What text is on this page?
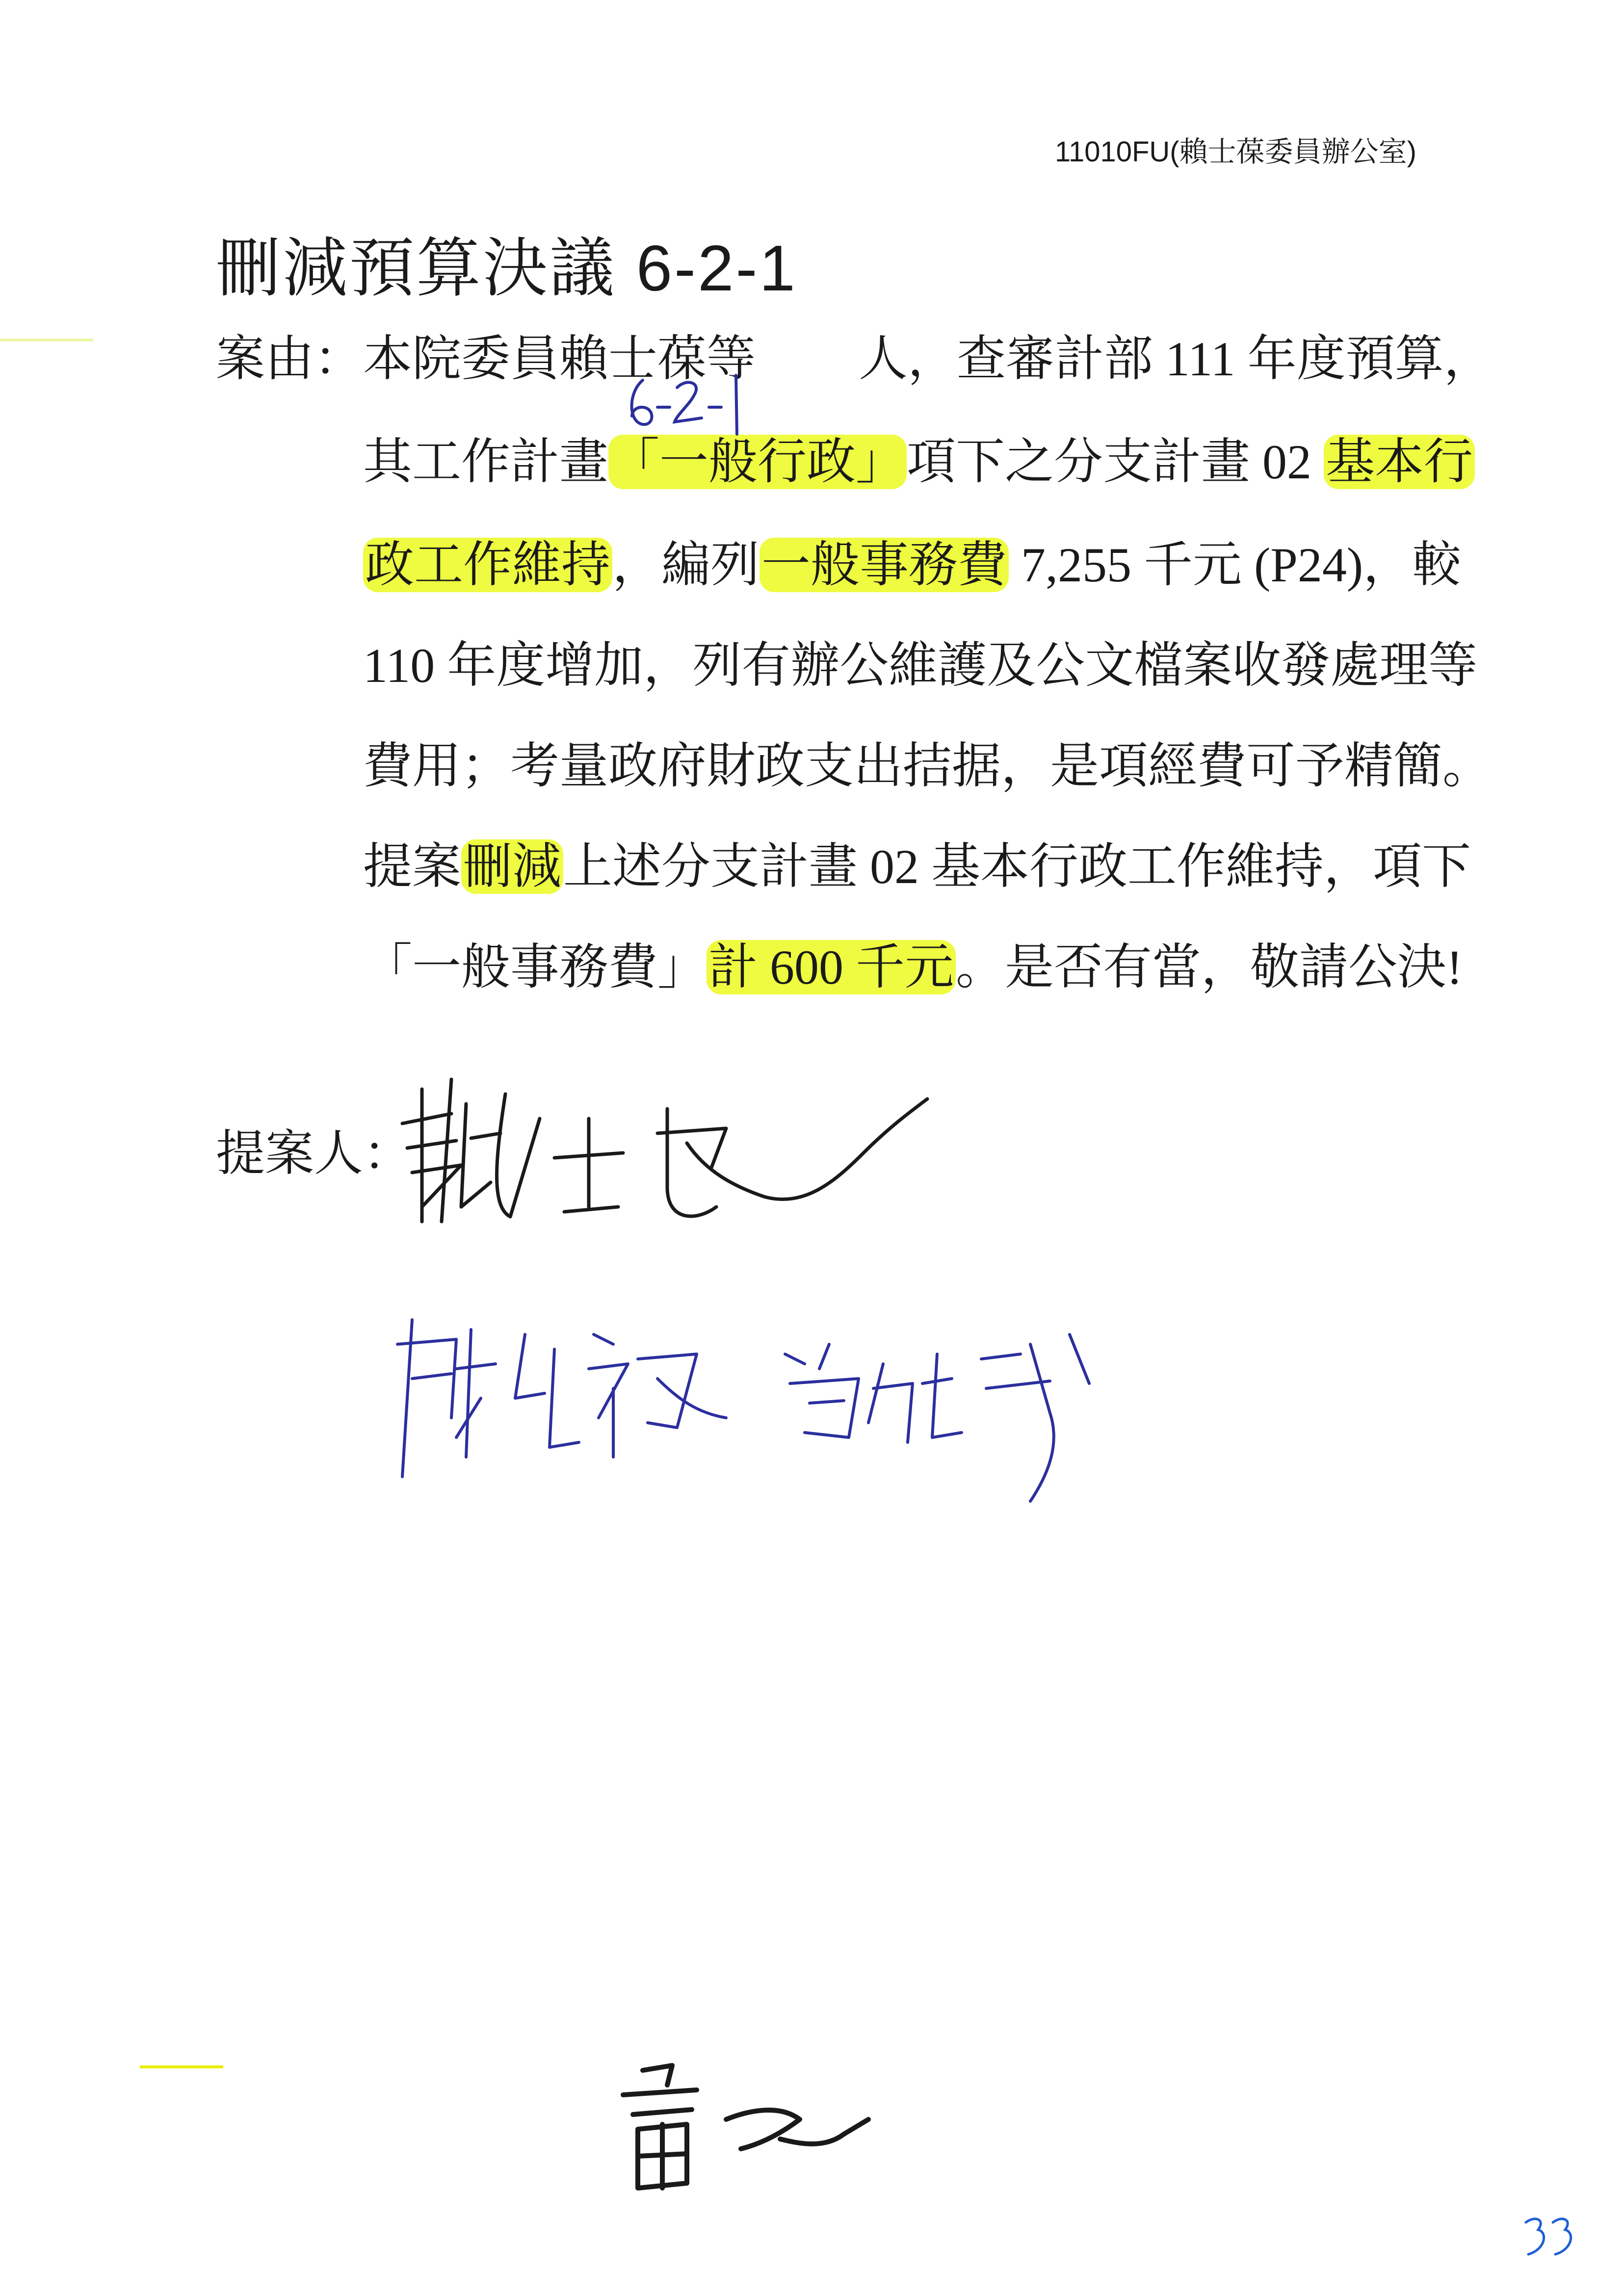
11010FU(賴士葆委員辦公室)
刪減預算決議 6-2-1
案由：本院委員賴士葆等 人，查審計部 111 年度預算，
其工作計畫「一般行政」項下之分支計畫 02 基本行
政工作維持，編列一般事務費 7,255 千元 (P24)，較
110 年度增加，列有辦公維護及公文檔案收發處理等
費用；考量政府財政支出拮据，是項經費可予精簡。
提案刪減上述分支計畫 02 基本行政工作維持，項下
「一般事務費」計 600 千元。是否有當，敬請公決!
提案人：
